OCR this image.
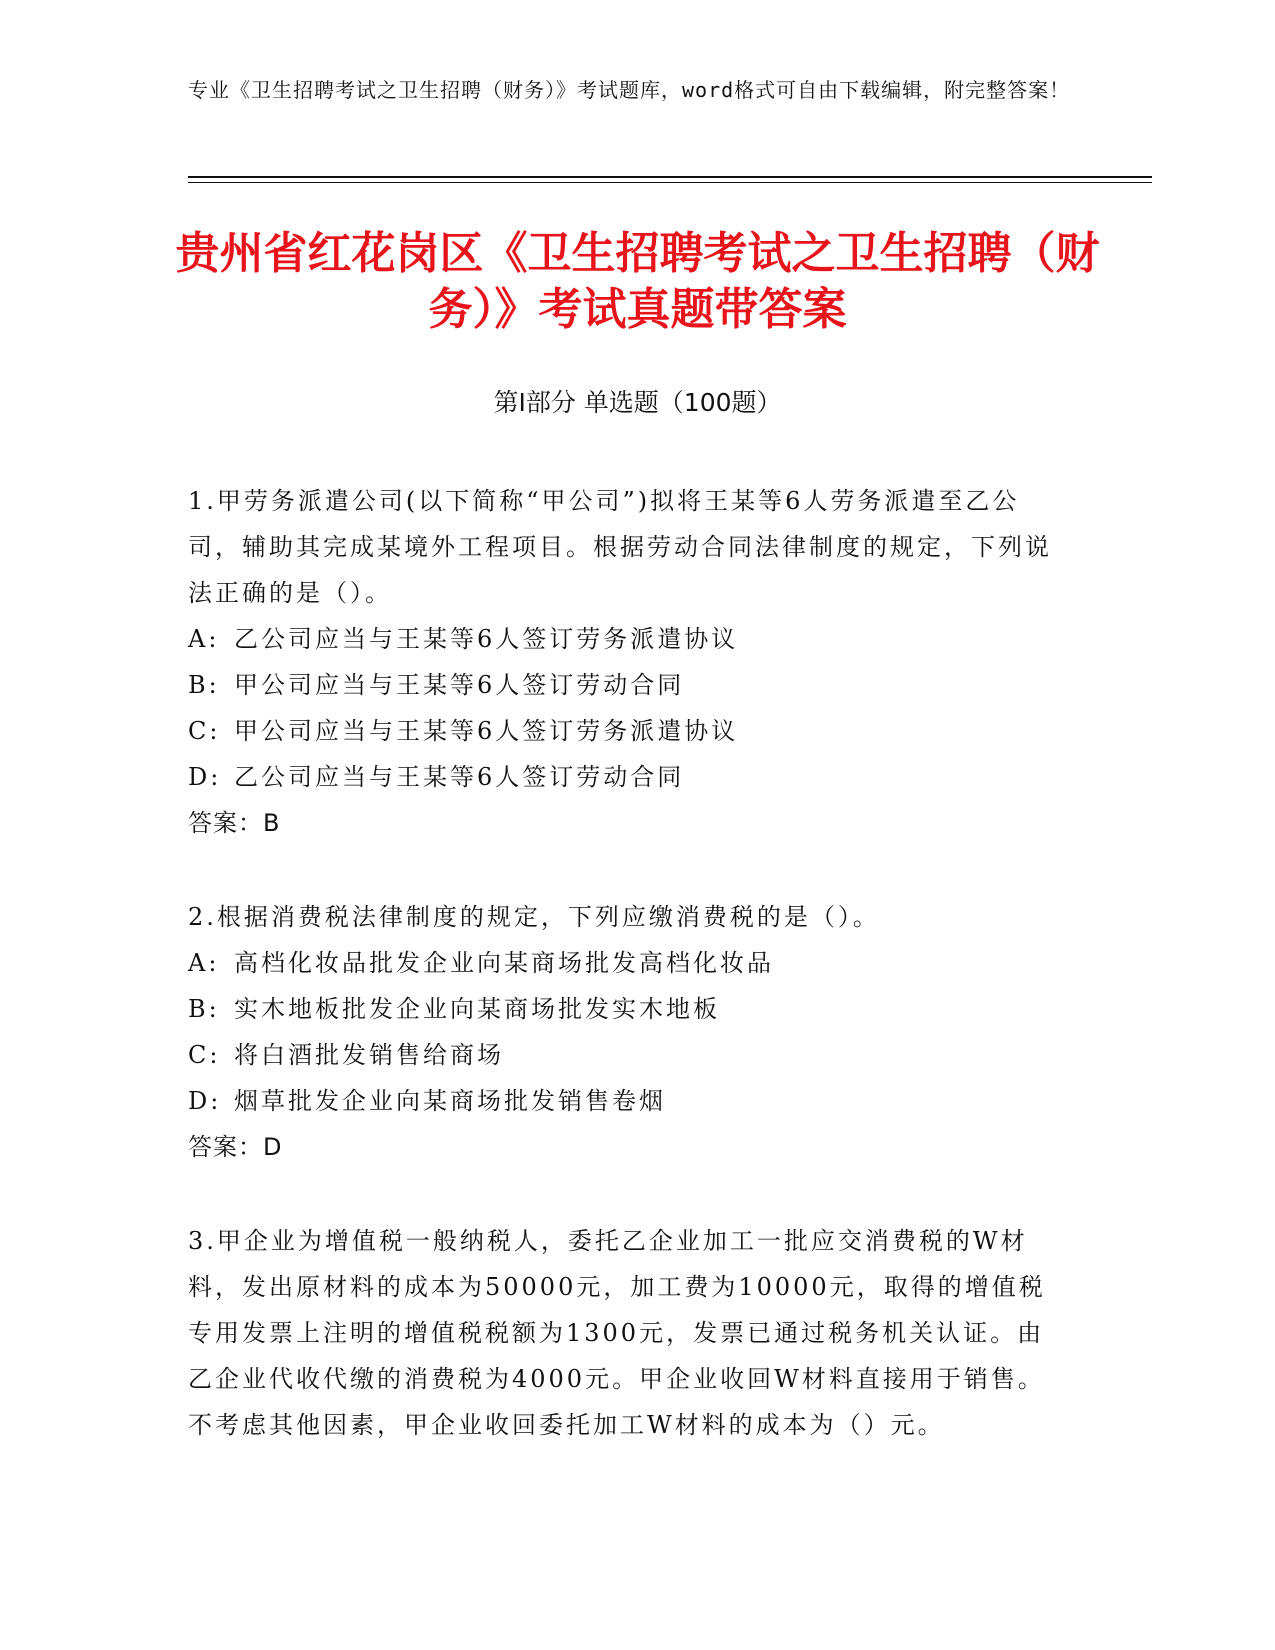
专业《卫生招聘考试之卫生招聘（财务）》考试题库，word格式可自由下载编辑，附完整答案！
贵州省红花岗区《卫生招聘考试之卫生招聘（财务）》考试真题带答案
第I部分 单选题（100题）

1.甲劳务派遣公司(以下简称“甲公司”)拟将王某等6人劳务派遣至乙公司，辅助其完成某境外工程项目。根据劳动合同法律制度的规定，下列说法正确的是（）。

A: 乙公司应当与王某等6人签订劳务派遣协议
B: 甲公司应当与王某等6人签订劳动合同
C: 甲公司应当与王某等6人签订劳务派遣协议
D: 乙公司应当与王某等6人签订劳动合同

答案：B

2.根据消费税法律制度的规定，下列应缴消费税的是（）。

A: 高档化妆品批发企业向某商场批发高档化妆品
B: 实木地板批发企业向某商场批发实木地板
C: 将白酒批发销售给商场
D: 烟草批发企业向某商场批发销售卷烟

答案：D

3.甲企业为增值税一般纳税人，委托乙企业加工一批应交消费税的W材料，发出原材料的成本为50000元，加工费为10000元，取得的增值税专用发票上注明的增值税税额为1300元，发票已通过税务机关认证。由乙企业代收代缴的消费税为4000元。甲企业收回W材料直接用于销售。不考虑其他因素，甲企业收回委托加工W材料的成本为（）元。
